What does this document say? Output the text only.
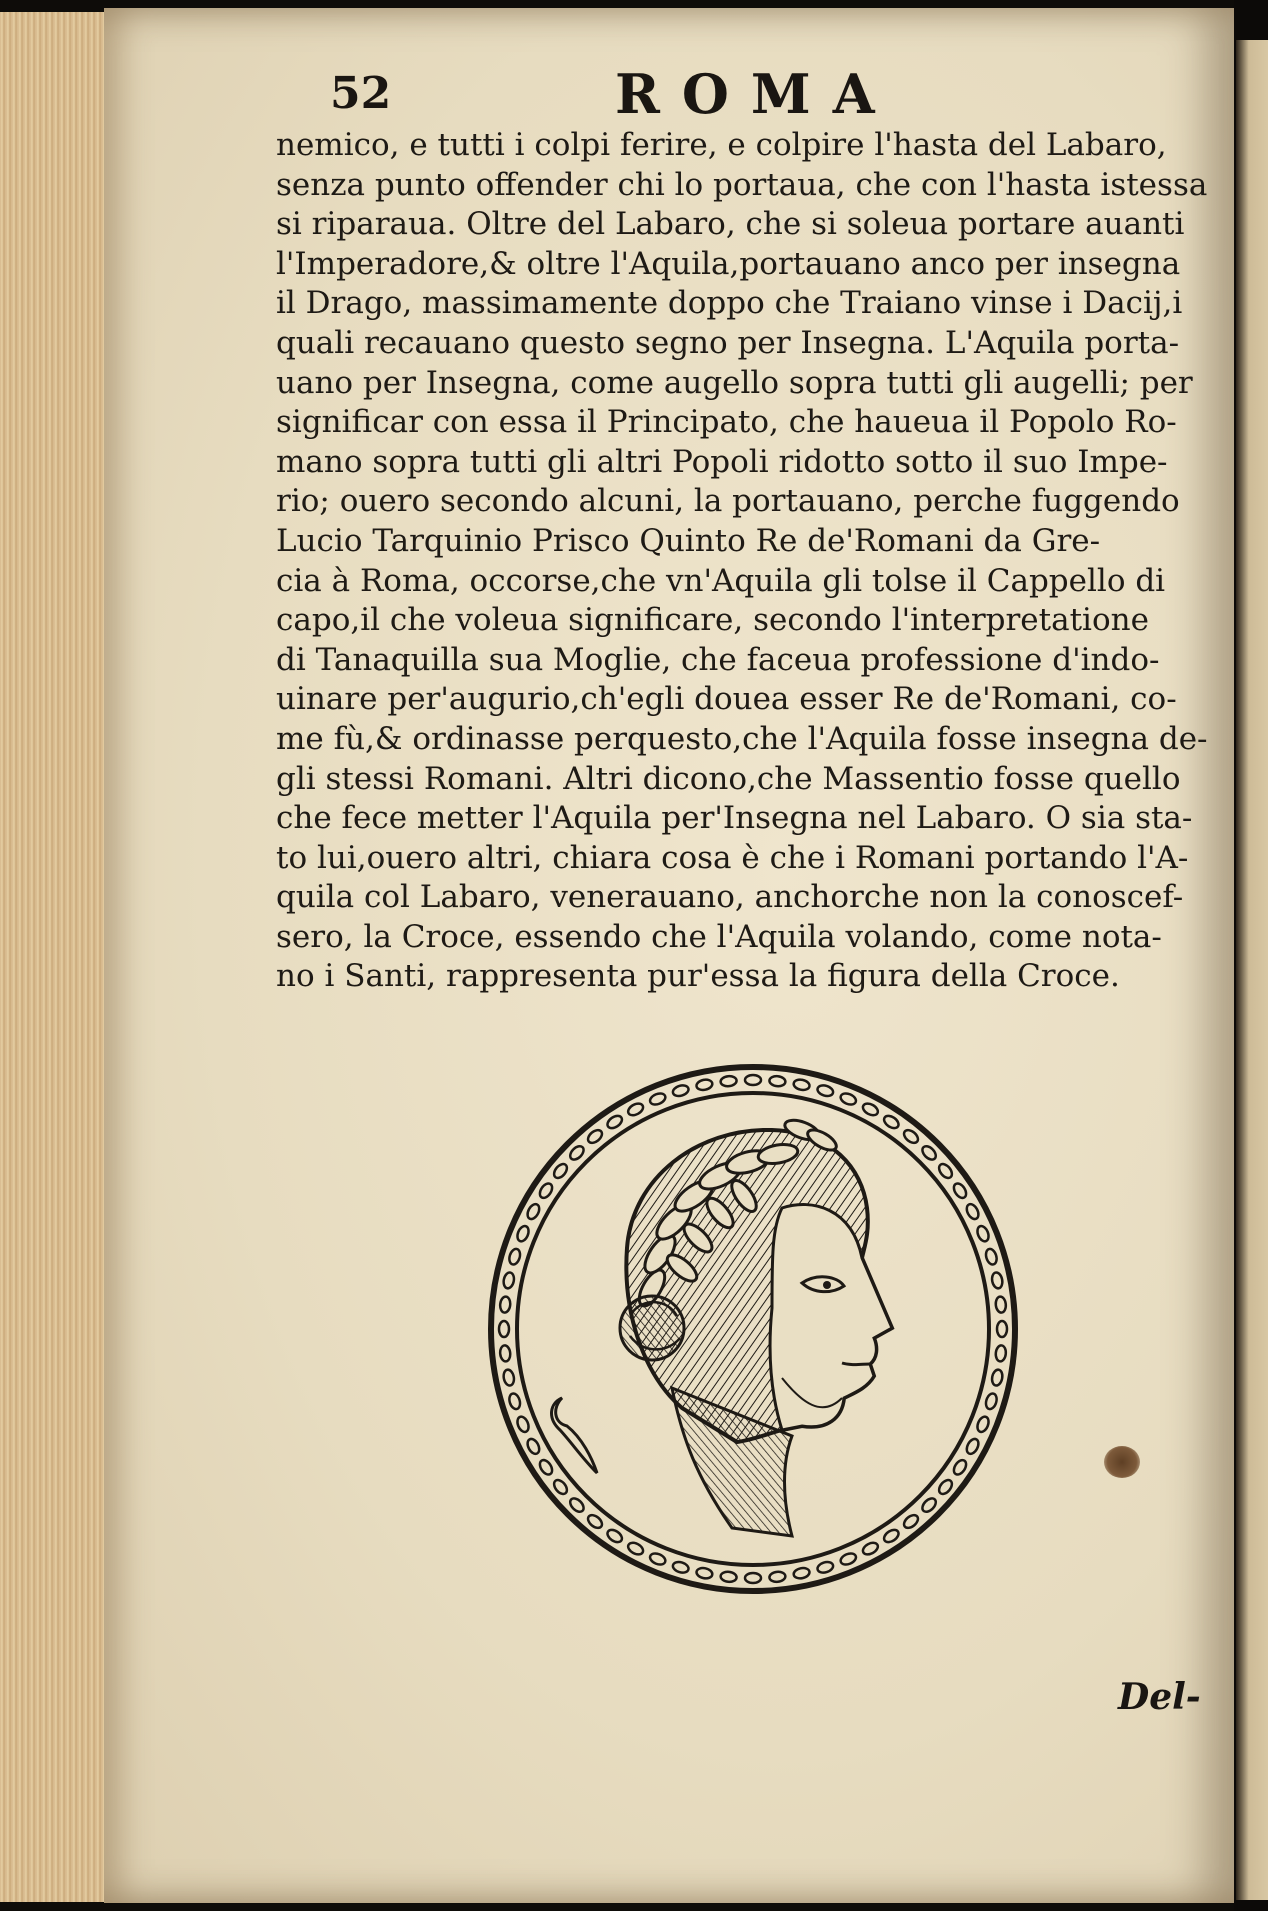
52	ROMA
nemico, e tutti i colpi ferire, e colpire l'hasta del Labaro,
senza punto offender chi lo portaua, che con l'hasta istessa
si riparaua. Oltre del Labaro, che si soleua portare auanti
l'Imperadore,& oltre l'Aquila,portauano anco per insegna
il Drago, massimamente doppo che Traiano vinse i Dacij,i
quali recauano questo segno per Insegna. L'Aquila porta-
uano per Insegna, come augello sopra tutti gli augelli; per
significar con essa il Principato, che haueua il Popolo Ro-
mano sopra tutti gli altri Popoli ridotto sotto il suo Impe-
rio; ouero secondo alcuni, la portauano, perche fuggendo
Lucio Tarquinio Prisco Quinto Re de'Romani da Gre-
cia à Roma, occorse,che vn'Aquila gli tolse il Cappello di
capo,il che voleua significare, secondo l'interpretatione
di Tanaquilla sua Moglie, che faceua professione d'indo-
uinare per'augurio,ch'egli douea esser Re de'Romani, co-
me fù,& ordinasse perquesto,che l'Aquila fosse insegna de-
gli stessi Romani. Altri dicono,che Massentio fosse quello
che fece metter l'Aquila per'Insegna nel Labaro. O sia sta-
to lui,ouero altri, chiara cosa è che i Romani portando l'A-
quila col Labaro, venerauano, anchorche non la conoscef-
sero, la Croce, essendo che l'Aquila volando, come nota-
no i Santi, rappresenta pur'essa la figura della Croce.
Del-
